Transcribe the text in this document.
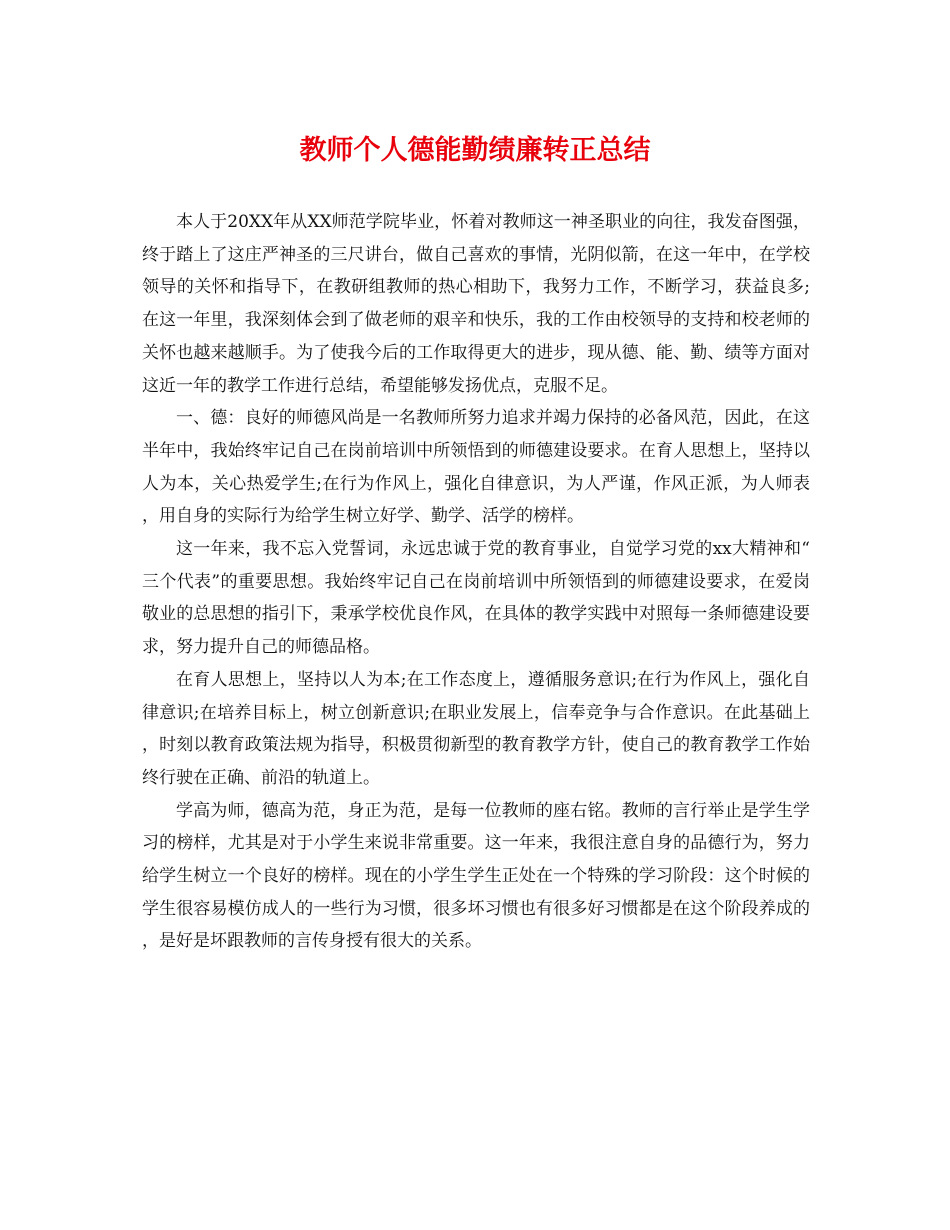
教师个人德能勤绩廉转正总结

本人于20XX年从XX师范学院毕业，怀着对教师这一神圣职业的向往，我发奋图强，终于踏上了这庄严神圣的三尺讲台，做自己喜欢的事情，光阴似箭，在这一年中，在学校领导的关怀和指导下，在教研组教师的热心相助下，我努力工作，不断学习，获益良多;在这一年里，我深刻体会到了做老师的艰辛和快乐，我的工作由校领导的支持和校老师的关怀也越来越顺手。为了使我今后的工作取得更大的进步，现从德、能、勤、绩等方面对这近一年的教学工作进行总结，希望能够发扬优点，克服不足。

一、德：良好的师德风尚是一名教师所努力追求并竭力保持的必备风范，因此，在这半年中，我始终牢记自己在岗前培训中所领悟到的师德建设要求。在育人思想上，坚持以人为本，关心热爱学生;在行为作风上，强化自律意识，为人严谨，作风正派，为人师表，用自身的实际行为给学生树立好学、勤学、活学的榜样。

这一年来，我不忘入党誓词，永远忠诚于党的教育事业，自觉学习党的xx大精神和“三个代表”的重要思想。我始终牢记自己在岗前培训中所领悟到的师德建设要求，在爱岗敬业的总思想的指引下，秉承学校优良作风，在具体的教学实践中对照每一条师德建设要求，努力提升自己的师德品格。

在育人思想上，坚持以人为本;在工作态度上，遵循服务意识;在行为作风上，强化自律意识;在培养目标上，树立创新意识;在职业发展上，信奉竞争与合作意识。在此基础上，时刻以教育政策法规为指导，积极贯彻新型的教育教学方针，使自己的教育教学工作始终行驶在正确、前沿的轨道上。

学高为师，德高为范，身正为范，是每一位教师的座右铭。教师的言行举止是学生学习的榜样，尤其是对于小学生来说非常重要。这一年来，我很注意自身的品德行为，努力给学生树立一个良好的榜样。现在的小学生学生正处在一个特殊的学习阶段：这个时候的学生很容易模仿成人的一些行为习惯，很多坏习惯也有很多好习惯都是在这个阶段养成的，是好是坏跟教师的言传身授有很大的关系。
